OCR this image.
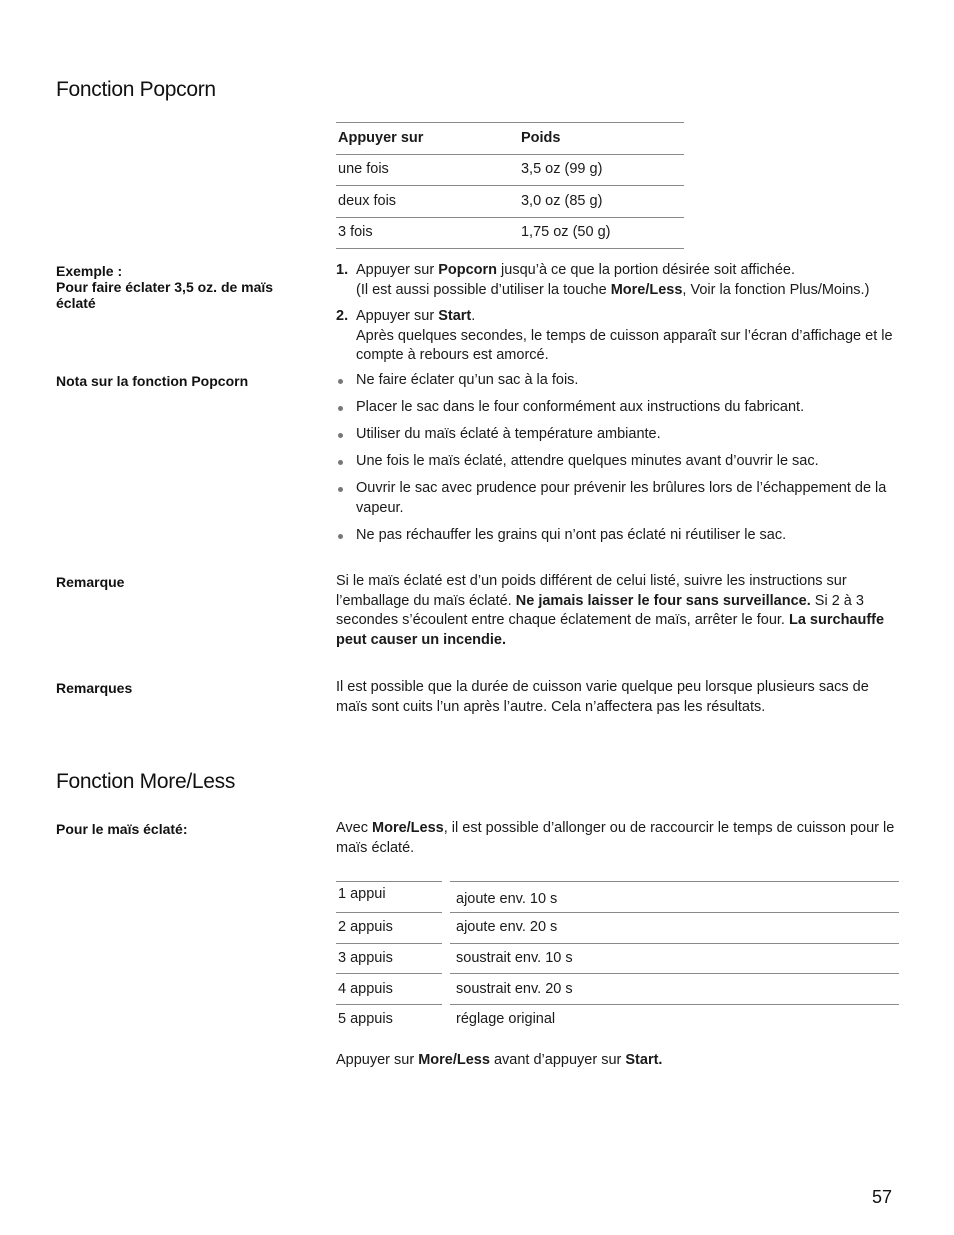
Fonction Popcorn
Appuyer sur	Poids
une fois	3,5 oz (99 g)
deux fois	3,0 oz (85 g)
3 fois	1,75 oz (50 g)
Exemple :
Pour faire éclater 3,5 oz. de maïs éclaté
1. Appuyer sur Popcorn jusqu’à ce que la portion désirée soit affichée.
(Il est aussi possible d’utiliser la touche More/Less, Voir la fonction Plus/Moins.)
2. Appuyer sur Start.
Après quelques secondes, le temps de cuisson apparaît sur l’écran d’affichage et le compte à rebours est amorcé.
Nota sur la fonction Popcorn	Ne faire éclater qu’un sac à la fois.
Placer le sac dans le four conformément aux instructions du fabricant.
Utiliser du maïs éclaté à température ambiante.
Une fois le maïs éclaté, attendre quelques minutes avant d’ouvrir le sac.
Ouvrir le sac avec prudence pour prévenir les brûlures lors de l’échappement de la vapeur.
Ne pas réchauffer les grains qui n’ont pas éclaté ni réutiliser le sac.
Remarque	Si le maïs éclaté est d’un poids différent de celui listé, suivre les instructions sur l’emballage du maïs éclaté. Ne jamais laisser le four sans surveillance. Si 2 à 3 secondes s’écoulent entre chaque éclatement de maïs, arrêter le four. La surchauffe peut causer un incendie.
Remarques	Il est possible que la durée de cuisson varie quelque peu lorsque plusieurs sacs de maïs sont cuits l’un après l’autre. Cela n’affectera pas les résultats.
Fonction More/Less
Pour le maïs éclaté:	Avec More/Less, il est possible d’allonger ou de raccourcir le temps de cuisson pour le maïs éclaté.
1 appui	ajoute env. 10 s
2 appuis	ajoute env. 20 s
3 appuis	soustrait env. 10 s
4 appuis	soustrait env. 20 s
5 appuis	réglage original
Appuyer sur More/Less avant d’appuyer sur Start.
57
